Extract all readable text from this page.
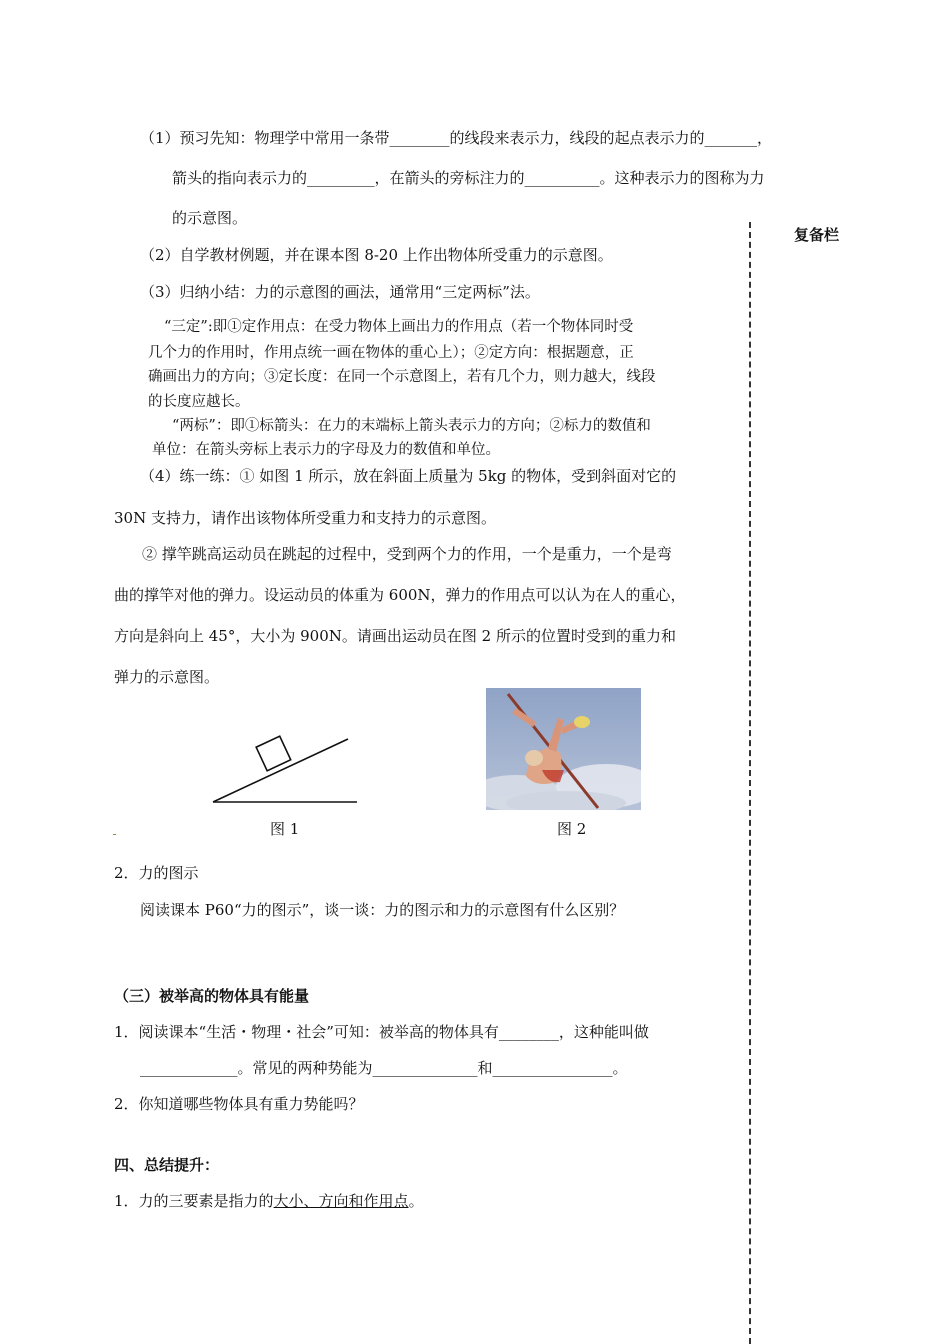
复备栏
（1）预习先知：物理学中常用一条带________的线段来表示力，线段的起点表示力的_______，
箭头的指向表示力的_________，在箭头的旁标注力的__________。这种表示力的图称为力
的示意图。
（2）自学教材例题，并在课本图 8-20 上作出物体所受重力的示意图。
（3）归纳小结：力的示意图的画法，通常用“三定两标”法。
“三定”:即①定作用点：在受力物体上画出力的作用点（若一个物体同时受
几个力的作用时，作用点统一画在物体的重心上）；②定方向：根据题意，正
确画出力的方向；③定长度：在同一个示意图上，若有几个力，则力越大，线段
的长度应越长。
“两标”：即①标箭头：在力的末端标上箭头表示力的方向；②标力的数值和
单位：在箭头旁标上表示力的字母及力的数值和单位。
（4）练一练：① 如图 1 所示，放在斜面上质量为 5kg 的物体，受到斜面对它的
30N 支持力，请作出该物体所受重力和支持力的示意图。
② 撑竿跳高运动员在跳起的过程中，受到两个力的作用，一个是重力，一个是弯
曲的撑竿对他的弹力。设运动员的体重为 600N，弹力的作用点可以认为在人的重心，
方向是斜向上 45°，大小为 900N。请画出运动员在图 2 所示的位置时受到的重力和
弹力的示意图。
图 1	图 2
2．力的图示
阅读课本 P60“力的图示”，谈一谈：力的图示和力的示意图有什么区别？
（三）被举高的物体具有能量
1．阅读课本“生活・物理・社会”可知：被举高的物体具有________，这种能叫做
_____________。常见的两种势能为______________和________________。
2．你知道哪些物体具有重力势能吗？
四、总结提升：
1．力的三要素是指力的大小、方向和作用点。
